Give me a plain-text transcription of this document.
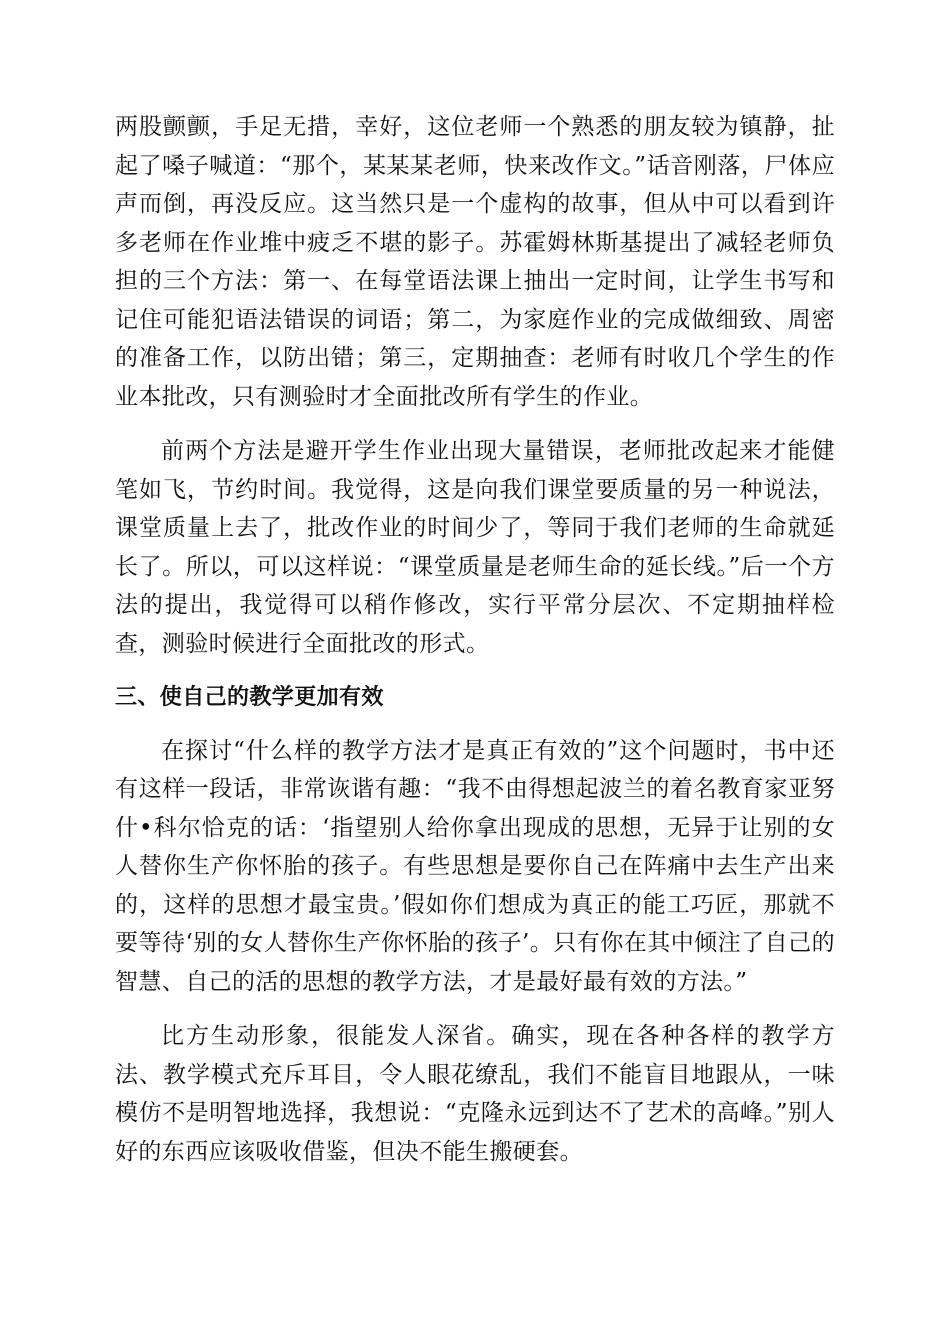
两股颤颤，手足无措，幸好，这位老师一个熟悉的朋友较为镇静，扯起了嗓子喊道：“那个，某某某老师，快来改作文。”话音刚落，尸体应声而倒，再没反应。这当然只是一个虚构的故事，但从中可以看到许多老师在作业堆中疲乏不堪的影子。苏霍姆林斯基提出了减轻老师负担的三个方法：第一、在每堂语法课上抽出一定时间，让学生书写和记住可能犯语法错误的词语；第二，为家庭作业的完成做细致、周密的准备工作，以防出错；第三，定期抽查：老师有时收几个学生的作业本批改，只有测验时才全面批改所有学生的作业。

前两个方法是避开学生作业出现大量错误，老师批改起来才能健笔如飞，节约时间。我觉得，这是向我们课堂要质量的另一种说法，课堂质量上去了，批改作业的时间少了，等同于我们老师的生命就延长了。所以，可以这样说：“课堂质量是老师生命的延长线。”后一个方法的提出，我觉得可以稍作修改，实行平常分层次、不定期抽样检查，测验时候进行全面批改的形式。

三、使自己的教学更加有效

在探讨“什么样的教学方法才是真正有效的”这个问题时，书中还有这样一段话，非常诙谐有趣：“我不由得想起波兰的着名教育家亚努什•科尔恰克的话：‘指望别人给你拿出现成的思想，无异于让别的女人替你生产你怀胎的孩子。有些思想是要你自己在阵痛中去生产出来的，这样的思想才最宝贵。’假如你们想成为真正的能工巧匠，那就不要等待‘别的女人替你生产你怀胎的孩子’。只有你在其中倾注了自己的智慧、自己的活的思想的教学方法，才是最好最有效的方法。”

比方生动形象，很能发人深省。确实，现在各种各样的教学方法、教学模式充斥耳目，令人眼花缭乱，我们不能盲目地跟从，一味模仿不是明智地选择，我想说：“克隆永远到达不了艺术的高峰。”别人好的东西应该吸收借鉴，但决不能生搬硬套。
